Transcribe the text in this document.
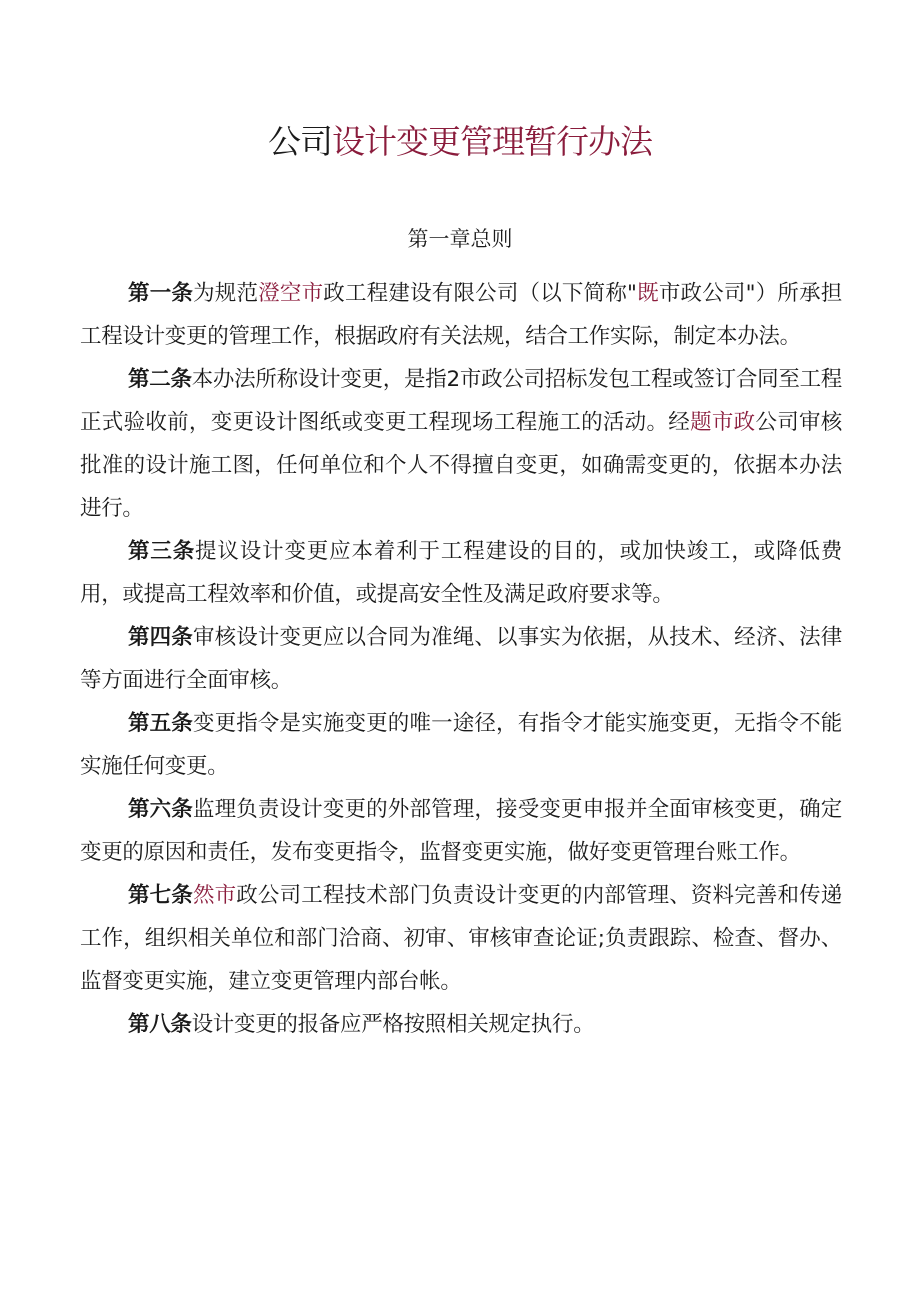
公司设计变更管理暂行办法
第一章总则

第一条为规范澄空市政工程建设有限公司（以下简称"既市政公司"）所承担工程设计变更的管理工作，根据政府有关法规，结合工作实际，制定本办法。

第二条本办法所称设计变更，是指2市政公司招标发包工程或签订合同至工程正式验收前，变更设计图纸或变更工程现场工程施工的活动。经题市政公司审核批准的设计施工图，任何单位和个人不得擅自变更，如确需变更的，依据本办法进行。

第三条提议设计变更应本着利于工程建设的目的，或加快竣工，或降低费用，或提高工程效率和价值，或提高安全性及满足政府要求等。

第四条审核设计变更应以合同为准绳、以事实为依据，从技术、经济、法律等方面进行全面审核。

第五条变更指令是实施变更的唯一途径，有指令才能实施变更，无指令不能实施任何变更。

第六条监理负责设计变更的外部管理，接受变更申报并全面审核变更，确定变更的原因和责任，发布变更指令，监督变更实施，做好变更管理台账工作。

第七条然市政公司工程技术部门负责设计变更的内部管理、资料完善和传递工作，组织相关单位和部门洽商、初审、审核审查论证;负责跟踪、检查、督办、监督变更实施，建立变更管理内部台帐。

第八条设计变更的报备应严格按照相关规定执行。
